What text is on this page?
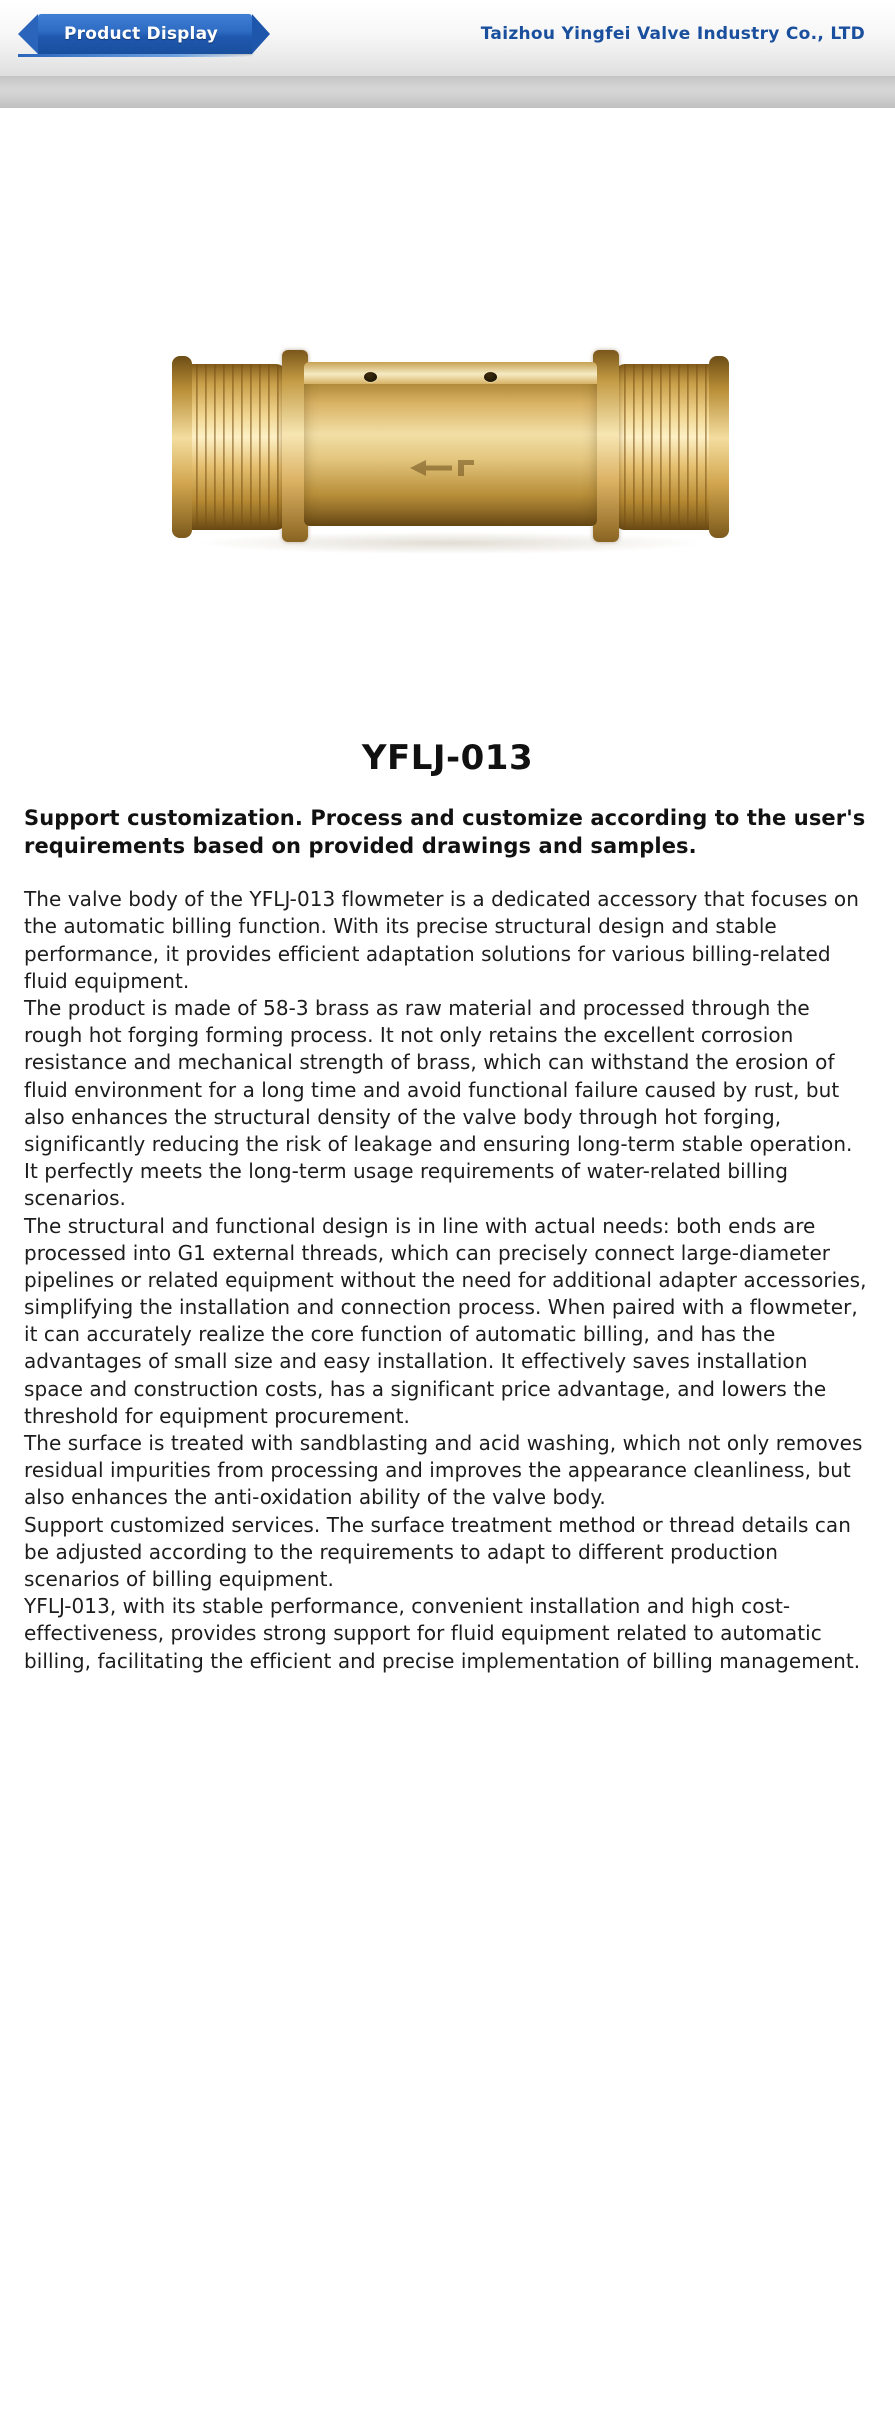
Product Display	Taizhou Yingfei Valve Industry Co., LTD
YFLJ-013

Support customization. Process and customize according to the user's requirements based on provided drawings and samples.

The valve body of the YFLJ-013 flowmeter is a dedicated accessory that focuses on the automatic billing function. With its precise structural design and stable performance, it provides efficient adaptation solutions for various billing-related fluid equipment.

The product is made of 58-3 brass as raw material and processed through the rough hot forging forming process. It not only retains the excellent corrosion resistance and mechanical strength of brass, which can withstand the erosion of fluid environment for a long time and avoid functional failure caused by rust, but also enhances the structural density of the valve body through hot forging, significantly reducing the risk of leakage and ensuring long-term stable operation. It perfectly meets the long-term usage requirements of water-related billing scenarios.

The structural and functional design is in line with actual needs: both ends are processed into G1 external threads, which can precisely connect large-diameter pipelines or related equipment without the need for additional adapter accessories, simplifying the installation and connection process. When paired with a flowmeter, it can accurately realize the core function of automatic billing, and has the advantages of small size and easy installation. It effectively saves installation space and construction costs, has a significant price advantage, and lowers the threshold for equipment procurement.

The surface is treated with sandblasting and acid washing, which not only removes residual impurities from processing and improves the appearance cleanliness, but also enhances the anti-oxidation ability of the valve body.

Support customized services. The surface treatment method or thread details can be adjusted according to the requirements to adapt to different production scenarios of billing equipment.

YFLJ-013, with its stable performance, convenient installation and high cost-effectiveness, provides strong support for fluid equipment related to automatic billing, facilitating the efficient and precise implementation of billing management.
